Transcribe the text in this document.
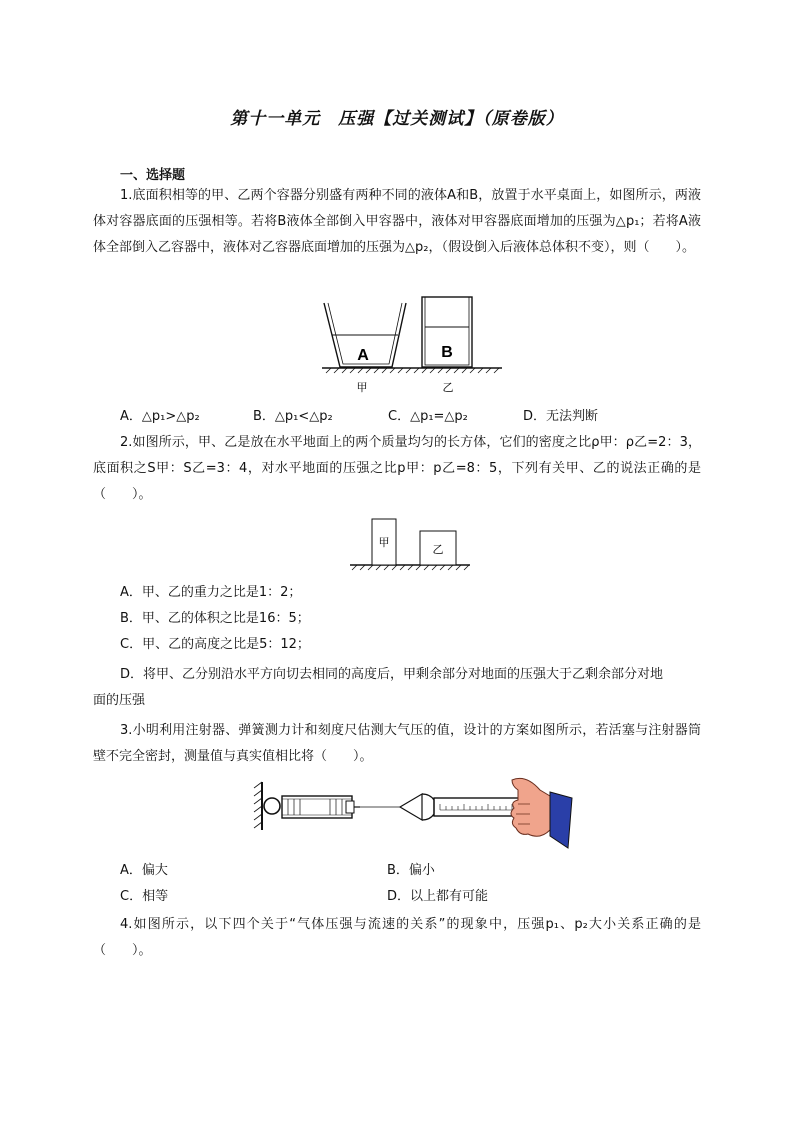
第十一单元　压强【过关测试】（原卷版）
一、选择题
1.底面积相等的甲、乙两个容器分别盛有两种不同的液体A和B，放置于水平桌面上，如图所示，两液体对容器底面的压强相等。若将B液体全部倒入甲容器中，液体对甲容器底面增加的压强为△p₁；若将A液体全部倒入乙容器中，液体对乙容器底面增加的压强为△p₂，（假设倒入后液体总体积不变），则（　　）。
A	B
甲	乙
A．△p₁>△p₂	B．△p₁<△p₂	C．△p₁=△p₂	D．无法判断
2.如图所示，甲、乙是放在水平地面上的两个质量均匀的长方体，它们的密度之比ρ甲：ρ乙=2：3，底面积之S甲：S乙=3：4，对水平地面的压强之比p甲：p乙=8：5，下列有关甲、乙的说法正确的是（　　）。
甲
乙
A．甲、乙的重力之比是1：2；
B．甲、乙的体积之比是16：5；
C．甲、乙的高度之比是5：12；
D．将甲、乙分别沿水平方向切去相同的高度后，甲剩余部分对地面的压强大于乙剩余部分对地
面的压强
3.小明利用注射器、弹簧测力计和刻度尺估测大气压的值，设计的方案如图所示，若活塞与注射器筒壁不完全密封，测量值与真实值相比将（　　）。
A．偏大	B．偏小
C．相等	D．以上都有可能
4.如图所示，以下四个关于“气体压强与流速的关系”的现象中，压强p₁、p₂大小关系正确的是（　　）。
